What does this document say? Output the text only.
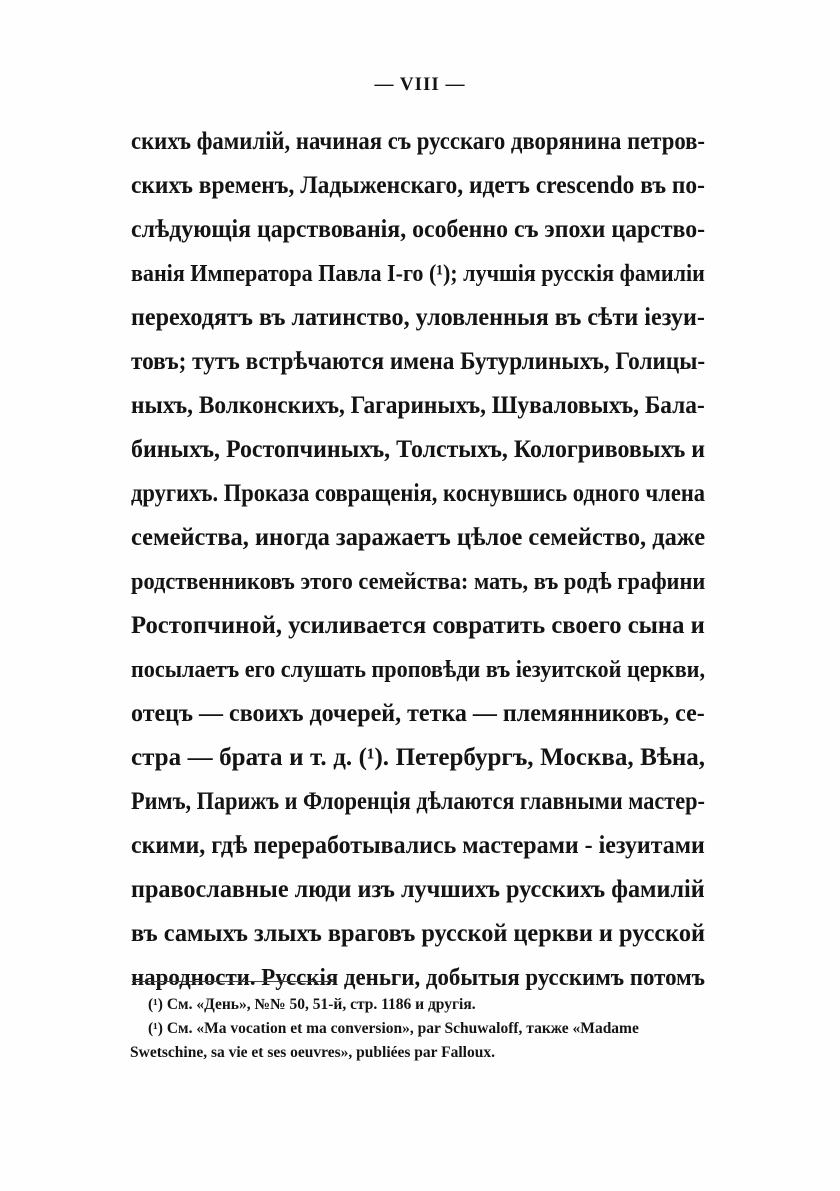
— VIII —
скихъ фамилій, начиная съ русскаго дворянина петров-
скихъ временъ, Ладыженскаго, идетъ crescendo въ по-
слѣдующія царствованія, особенно съ эпохи царство-
ванія Императора Павла I-го (¹); лучшія русскія фамиліи
переходятъ въ латинство, уловленныя въ сѣти іезуи-
товъ; тутъ встрѣчаются имена Бутурлиныхъ, Голицы-
ныхъ, Волконскихъ, Гагариныхъ, Шуваловыхъ, Бала-
биныхъ, Ростопчиныхъ, Толстыхъ, Кологривовыхъ и
другихъ. Проказа совращенія, коснувшись одного члена
семейства, иногда заражаетъ цѣлое семейство, даже
родственниковъ этого семейства: мать, въ родѣ графини
Ростопчиной, усиливается совратить своего сына и
посылаетъ его слушать проповѣди въ іезуитской церкви,
отецъ — своихъ дочерей, тетка — племянниковъ, се-
стра — брата и т. д. (¹). Петербургъ, Москва, Вѣна,
Римъ, Парижъ и Флоренція дѣлаются главными мастер-
скими, гдѣ переработывались мастерами - іезуитами
православные люди изъ лучшихъ русскихъ фамилій
въ самыхъ злыхъ враговъ русской церкви и русской
народности. Русскія деньги, добытыя русскимъ потомъ
(¹) См. «День», №№ 50, 51-й, стр. 1186 и другія.
(¹) См. «Ma vocation et ma conversion», par Schuwaloff, также «Madame
Swetschine, sa vie et ses oeuvres», publiées par Falloux.
